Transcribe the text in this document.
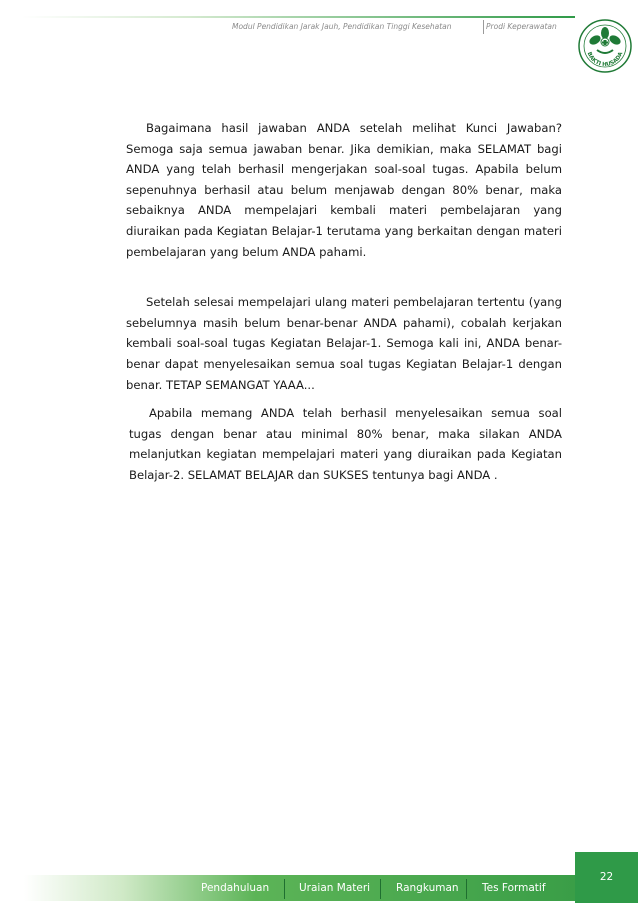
Modul Pendidikan Jarak Jauh, Pendidikan Tinggi Kesehatan	Prodi Keperawatan
BAKTI HUSADA

Bagaimana hasil jawaban ANDA setelah melihat Kunci Jawaban? Semoga saja semua jawaban benar. Jika demikian, maka SELAMAT bagi ANDA yang telah berhasil mengerjakan soal-soal tugas. Apabila belum sepenuhnya berhasil atau belum menjawab dengan 80% benar, maka sebaiknya ANDA mempelajari kembali materi pembelajaran yang diuraikan pada Kegiatan Belajar-1 terutama yang berkaitan dengan materi pembelajaran yang belum ANDA pahami.

Setelah selesai mempelajari ulang materi pembelajaran tertentu (yang sebelumnya masih belum benar-benar ANDA pahami), cobalah kerjakan kembali soal-soal tugas Kegiatan Belajar-1. Semoga kali ini, ANDA benar-benar dapat menyelesaikan semua soal tugas Kegiatan Belajar-1 dengan benar. TETAP SEMANGAT YAAA...

Apabila memang ANDA telah berhasil menyelesaikan semua soal tugas dengan benar atau minimal 80% benar, maka silakan ANDA melanjutkan kegiatan mempelajari materi yang diuraikan pada Kegiatan Belajar-2. SELAMAT BELAJAR dan SUKSES tentunya bagi ANDA .

Pendahuluan	Uraian Materi Rangkuman Tes Formatif
22
